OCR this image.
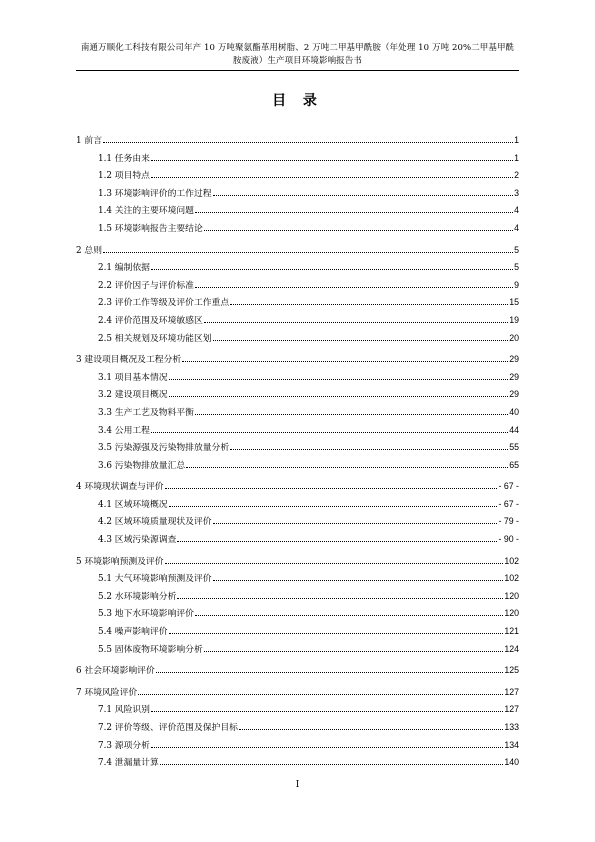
南通万顺化工科技有限公司年产 10 万吨聚氨酯革用树脂、2 万吨二甲基甲酰胺（年处理 10 万吨 20%二甲基甲酰
胺废液）生产项目环境影响报告书
目 录
1 前言	1
1.1 任务由来	1
1.2 项目特点	2
1.3 环境影响评价的工作过程	3
1.4 关注的主要环境问题	4
1.5 环境影响报告主要结论	4
2 总则	5
2.1 编制依据	5
2.2 评价因子与评价标准	9
2.3 评价工作等级及评价工作重点	15
2.4 评价范围及环境敏感区	19
2.5 相关规划及环境功能区划	20
3 建设项目概况及工程分析	29
3.1 项目基本情况	29
3.2 建设项目概况	29
3.3 生产工艺及物料平衡	40
3.4 公用工程	44
3.5 污染源强及污染物排放量分析	55
3.6 污染物排放量汇总	65
4 环境现状调查与评价	- 67 -
4.1 区域环境概况	- 67 -
4.2 区域环境质量现状及评价	- 79 -
4.3 区域污染源调查	- 90 -
5 环境影响预测及评价	102
5.1 大气环境影响预测及评价	102
5.2 水环境影响分析	120
5.3 地下水环境影响评价	120
5.4 噪声影响评价	121
5.5 固体废物环境影响分析	124
6 社会环境影响评价	125
7 环境风险评价	127
7.1 风险识别	127
7.2 评价等级、评价范围及保护目标	133
7.3 源项分析	134
7.4 泄漏量计算	140
I
